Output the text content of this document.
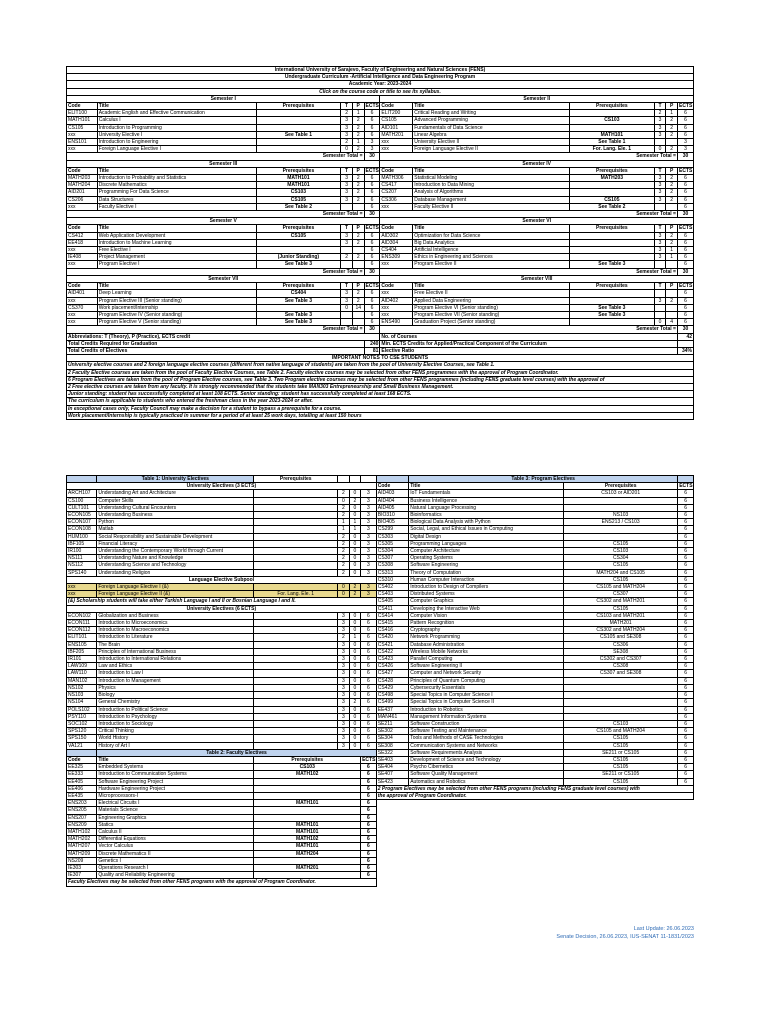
International University of Sarajevo, Faculty of Engineering and Natural Sciences (FENS)											
Undergraduate Curriculum -Artificial Intelligence and Data Engineering Program											
Academic Year: 2023-2024											
Click on the course code or title to see its syllabus.											
Semester I						Semester II					
Code	Title	Prerequisites	T	P	ECTS	Code	Title	Prerequisites	T	P	ECTS
ELIT100	Academic English and Effective Communication		2	1	6	ELIT200	Critical Reading and Writing		2	1	6
MATH101	Calculus I		3	2	6	CS105	Advanced Programming	CS103	3	2	6
CS105	Introduction to Programming		3	2	6	AID101	Fundamentals of Data Science		3	2	6
xxx	University Elective I	See Table 1	3	2	6	MATH201	Linear Algebra	MATH101	3	2	6
ENS101	Introduction to Engineering		2	1	3	xxx	University Elective II	See Table 1			3
xxx	Foreign Language Elective I		0	2	3	xxx	Foreign Language Elective II	For. Lang. Ele. 1	0	2	3
Semester Total =					30	Semester Total =					30
Semester III						Semester IV					
Code	Title	Prerequisites	T	P	ECTS	Code	Title	Prerequisites	T	P	ECTS
MATH203	Introduction to Probability and Statistics	MATH101	3	2	6	MATH306	Statistical Modeling	MATH203	3	2	6
MATH204	Discrete Mathematics	MATH101	3	2	6	CS417	Introduction to Data Mining		3	2	6
AID201	Programming For Data Science	CS103	3	2	6	CS207	Analysis of Algorithms		3	2	6
CS206	Data Structures	CS105	3	2	6	CS306	Database Management	CS105	3	2	6
xxx	Faculty Elective I	See Table 2			6	xxx	Faculty Elective II	See Table 2			6
Semester Total =					30	Semester Total =					30
Semester V						Semester VI					
Code	Title	Prerequisites	T	P	ECTS	Code	Title	Prerequisites	T	P	ECTS
CS412	Web Application Development	CS105	3	2	6	AID302	Optimization for Data Science		3	2	6
EE418	Introduction to Machine Learning		3	2	6	AID304	Big Data Analytics		3	2	6
xxx	Free Elective I				6	CS404	Artificial Intelligence		3	1	6
IE408	Project Management	(Junior Standing)	2	2	6	ENS309	Ethics in Engineering and Sciences		3	1	6
xxx	Program Elective I	See Table 3			6	xxx	Program Elective II	See Table 3			6
Semester Total =					30	Semester Total =					30
Semester VII						Semester VIII					
Code	Title	Prerequisites	T	P	ECTS	Code	Title	Prerequisites	T	P	ECTS
AID401	Deep Learning	CS404	3	2	6	xxx	Free Elective II				6
xxx	Program Elective III (Senior standing)	See Table 3	3	2	6	AID402	Applied Data Engineering		3	2	6
CS370	Work placement/Internship		0	14	6	xxx	Program Elective VI (Senior standing)	See Table 3			6
xxx	Program Elective IV (Senior standing)	See Table 3			6	xxx	Program Elective VII (Senior standing)	See Table 3			6
xxx	Program Elective V (Senior standing)	See Table 3			6	ENS490	Graduation Project (Senior standing)		0	4	6
Semester Total =					30	Semester Total =					30
Abbreviations: T (Theory), P (Practice), ECTS credit						No. of Courses					42
Total Credits Required for Graduation					240	Min. ECTS Credits for Applied/Practical Component of the Curriculum					
Total Credits of Electives					81	Elective Ratio					34%
IMPORTANT NOTES TO CSE STUDENTS											
University elective courses and 2 foreign language elective courses (different from native language of students) are taken from the pool of University Elective Courses, see Table 1.											
2 Faculty Elective courses are taken from the pool of Faculty Elective Courses, see Table 2. Faculty elective courses may be selected from other FENS programmes with the approval of Program Coordinator.											
6 Program Electives are taken from the pool of Program Elective courses, see Table 3. Two Program elective courses may be selected from other FENS programmes (including FENS graduate level courses) with the approval of											
2 Free elective courses are taken from any faculty. It is strongly recommended that the students take MAN303 Entrepreneurship and Small Business Management.											
Junior standing: student has successfully completed at least 108 ECTS. Senior standing: student has successfully completed at least 168 ECTS.											
The curriculum is applicable to students who entered the freshman class in the year 2023-2024 or after.											
In exceptional cases only, Faculty Council may make a decision for a student to bypass a prerequisite for a course.											
Work placement/Internship is typically practiced in summer for a period of at least 25 work days, totalling at least 150 hours											
	Table 1: University Electives	Prerequisites					Table 3: Program Electives		
University Electives (3 ECTS)						Code	Title	Prerequisites	ECTS
ARCH107	Understanding Art and Architecture		2	0	3	AID403	IoT Fundamentals	CS103 or AID201	6
CS100	Computer Skills		0	2	3	AID404	Business Intelligence		6
CULT101	Understanding Cultural Encounters		2	0	3	AID405	Natural Language Processing		6
ECON105	Understanding Business		2	0	3	BIO310	Bioinformatics	NS103	6
ECON107	Python		1	1	3	BIO405	Biological Data Analysis with Python	ENS213 / CS103	6
ECON108	Matlab		1	1	3	CS299	Social, Legal, and Ethical Issues in Computing		6
HUM100	Social Responsibility and Sustainable Development		2	0	3	CS303	Digital Design		6
IBF105	Financial Literacy		2	0	3	CS305	Programming Languages	CS105	6
IR100	Understanding the Contemporary World through Current		2	0	3	CS304	Computer Architecture	CS103	6
NS111	Understanding Nature and Knowledge		2	0	3	CS307	Operating Systems	CS304	6
NS112	Understanding Science and Technology		2	0	3	CS308	Software Engineering	CS105	6
SPS140	Understanding Religion		2	0	3	CS313	Theory of Computation	MATH204 and CS105	6
Language Elective Subpool						CS310	Human Computer Interaction	CS105	6
xxx	Foreign Language Elective I (&)		0	2	3	CS402	Introduction to Design of Compilers	CS105 and MATH204	6
xxx	Foreign Language Elective II (&)	For. Lang. Ele. 1	0	2	3	CS403	Distributed Systems	CS307	6
(&) Scholarship students will take either Turkish Language I and II or Bosnian Language I and II.						CS405	Computer Graphics	CS302 and MATH201	6
University Electives (6 ECTS)						CS411	Developing the Interactive Web	CS105	6
ECON102	Globalization and Business		3	0	6	CS414	Computer Vision	CS103 and MATH201	6
ECON111	Introduction to Microeconomics		3	0	6	CS415	Pattern Recognition	MATH201	6
ECON112	Introduction to Macroeconomics		3	0	6	CS416	Cryptography	CS302 and MATH204	6
ELIT101	Introduction to Literature		2	1	6	CS420	Network Programming	CS105 and SE308	6
ENS105	The Brain		3	0	6	CS421	Database Administration	CS306	6
IBF205	Principles of International Business		3	0	6	CS422	Wireless Mobile Networks	SE308	6
IR101	Introduction to International Relations		3	0	6	CS423	Parallel Computing	CS302 and CS307	6
LAW109	Law and Ethics		3	0	6	CS426	Software Engineering II	CS308	6
LAW110	Introduction to Law I		3	0	6	CS427	Computer and Network Security	CS307 and SE308	6
MAN102	Introduction to Management		3	0	6	CS428	Principles of Quantum Computing		6
NS102	Physics		3	0	6	CS429	Cybersecurity Essentials		6
NS103	Biology		3	0	6	CS498	Special Topics in Computer Science I		6
NS104	General Chemistry		3	2	6	CS499	Special Topics in Computer Science II		6
POLS102	Introduction to Political Science		3	0	6	EE437	Introduction to Robotics		6
PSY110	Introduction to Psychology		3	0	6	MAN461	Management Information Systems		6
SOC102	Introduction to Sociology		3	0	6	SE211	Software Construction	CS103	6
SPS120	Critical Thinking		3	0	6	SE302	Software Testing and Maintenance	CS105 and MATH204	6
SPS150	World History		3	0	6	SE304	Tools and Methods of CASE Technologies	CS105	6
VA121	History of Art I		3	0	6	SE308	Communication Systems and Networks	CS105	6
	Table 2: Faculty Electives					SE322	Software Requirements Analysis	SE211 or CS105	6
Code	Title	Prerequisites			ECTS	SE403	Development of Science and Technology	CS105	6
EE325	Embedded Systems	CS103			6	SE404	Psycho Cibernetics	CS105	6
EE333	Introduction to Communication Systems	MATH102			6	SE407	Software Quality Management	SE211 or CS105	6
EE405	Software Engineering Project				6	SE423	Automatics and Robotics	CS105	6
EE406	Hardware Engineering Project				6	2 Program Electives may be selected from other FENS programs (including FENS graduate level courses) with			
EE435	Microprocessors-I				6	the approval of Program Coordinator.			
ENS203	Electrical Circuits I	MATH101			6				
ENS205	Materials Science				6				
ENS207	Engineering Graphics				6				
ENS209	Statics	MATH101			6				
MATH102	Calculus II	MATH101			6				
MATH202	Differential Equations	MATH102			6				
MATH207	Vector Calculus	MATH101			6				
MATH209	Discrete Mathematics II	MATH204			6				
NS209	Genetics I				6				
IE303	Operations Research I	MATH201			6				
IE307	Quality and Reliability Engineering				6				
Faculty Electives may be selected from other FENS programs with the approval of Program Coordinator.									
Last Update: 26.06.2023
Senate Decision, 26.06.2023, IUS-SENAT 11-1831/2023
